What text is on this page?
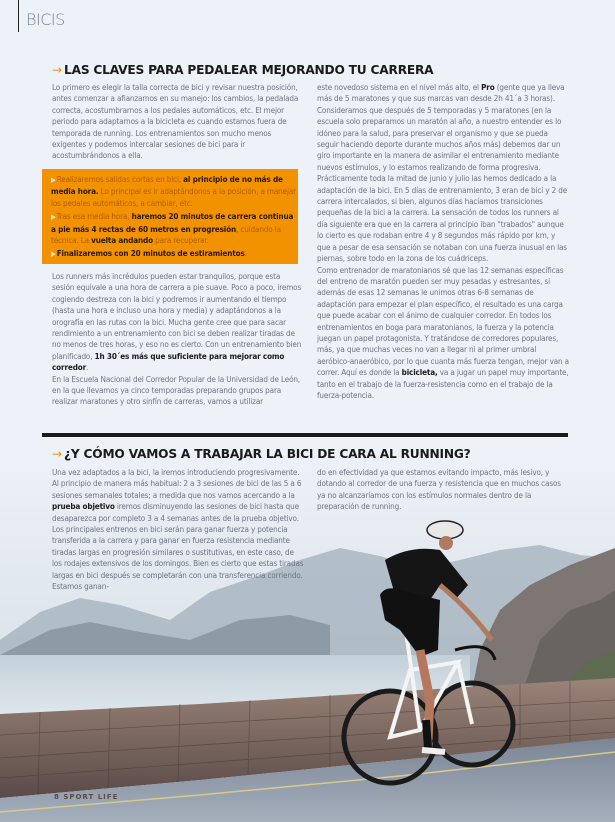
BICIS
→ LAS CLAVES PARA PEDALEAR MEJORANDO TU CARRERA

Lo primero es elegir la talla correcta de bici y revisar nuestra posición, antes comenzar a afianzarnos en su manejo: los cambios, la pedalada correcta, acostumbrarnos a los pedales automáticos, etc. El mejor periodo para adaptarnos a la bicicleta es cuando estamos fuera de temporada de running. Los entrenamientos son mucho menos exigentes y podemos intercalar sesiones de bici para ir acostumbrándonos a ella.

▶Realizaremos salidas cortas en bici, al principio de no más de media hora. Lo principal es ir adaptándonos a la posición, a manejar los pedales automáticos, a cambiar, etc.

▶Tras esa media hora, haremos 20 minutos de carrera continua a pie más 4 rectas de 60 metros en progresión, cuidando la técnica. La vuelta andando para recuperar.

▶Finalizaremos con 20 minutos de estiramientos.

Los runners más incrédulos pueden estar tranquilos, porque esta sesión equivale a una hora de carrera a pie suave. Poco a poco, iremos cogiendo destreza con la bici y podremos ir aumentando el tiempo (hasta una hora e incluso una hora y media) y adaptándonos a la orografía en las rutas con la bici. Mucha gente cree que para sacar rendimiento a un entrenamiento con bici se deben realizar tiradas de no menos de tres horas, y eso no es cierto. Con un entrenamiento bien planificado, 1h 30´es más que suficiente para mejorar como corredor.

En la Escuela Nacional del Corredor Popular de la Universidad de León, en la que llevamos ya cinco temporadas preparando grupos para realizar maratones y otro sinfín de carreras, vamos a utilizar

este novedoso sistema en el nivel más alto, el Pro (gente que ya lleva más de 5 maratones y que sus marcas van desde 2h 41´a 3 horas). Consideramos que después de 5 temporadas y 5 maratones (en la escuela solo preparamos un maratón al año, a nuestro entender es lo idóneo para la salud, para preservar el organismo y que se pueda seguir haciendo deporte durante muchos años más) debemos dar un giro importante en la manera de asimilar el entrenamiento mediante nuevos estímulos, y lo estamos realizando de forma progresiva. Prácticamente toda la mitad de junio y julio las hemos dedicado a la adaptación de la bici. En 5 días de entrenamiento, 3 eran de bici y 2 de carrera intercalados, si bien, algunos días hacíamos transiciones pequeñas de la bici a la carrera. La sensación de todos los runners al día siguiente era que en la carrera al principio iban "trabados" aunque lo cierto es que rodaban entre 4 y 8 segundos más rápido por km, y que a pesar de esa sensación se notaban con una fuerza inusual en las piernas, sobre todo en la zona de los cuádriceps.

Como entrenador de maratonianos sé que las 12 semanas específicas del entreno de maratón pueden ser muy pesadas y estresantes, si además de esas 12 semanas le unimos otras 6-8 semanas de adaptación para empezar el plan específico, el resultado es una carga que puede acabar con el ánimo de cualquier corredor. En todos los entrenamientos en boga para maratonianos, la fuerza y la potencia juegan un papel protagonista. Y tratándose de corredores populares, más, ya que muchas veces no van a llegar ni al primer umbral aeróbico-anaeróbico, por lo que cuanta más fuerza tengan, mejor van a correr. Aquí es donde la bicicleta, va a jugar un papel muy importante, tanto en el trabajo de la fuerza-resistencia como en el trabajo de la fuerza-potencia.

→ ¿Y CÓMO VAMOS A TRABAJAR LA BICI DE CARA AL RUNNING?

Una vez adaptados a la bici, la iremos introduciendo progresivamente. Al principio de manera más habitual: 2 a 3 sesiones de bici de las 5 a 6 sesiones semanales totales; a medida que nos vamos acercando a la prueba objetivo iremos disminuyendo las sesiones de bici hasta que desaparezca por completo 3 a 4 semanas antes de la prueba objetivo. Los principales entrenos en bici serán para ganar fuerza y potencia transferida a la carrera y para ganar en fuerza resistencia mediante tiradas largas en progresión similares o sustitutivas, en este caso, de los rodajes extensivos de los domingos. Bien es cierto que estas tiradas largas en bici después se completarán con una transferencia corriendo. Estamos ganan-

do en efectividad ya que estamos evitando impacto, más lesivo, y dotando al corredor de una fuerza y resistencia que en muchos casos ya no alcanzaríamos con los estímulos normales dentro de la preparación de running.

8 SPORT LIFE
